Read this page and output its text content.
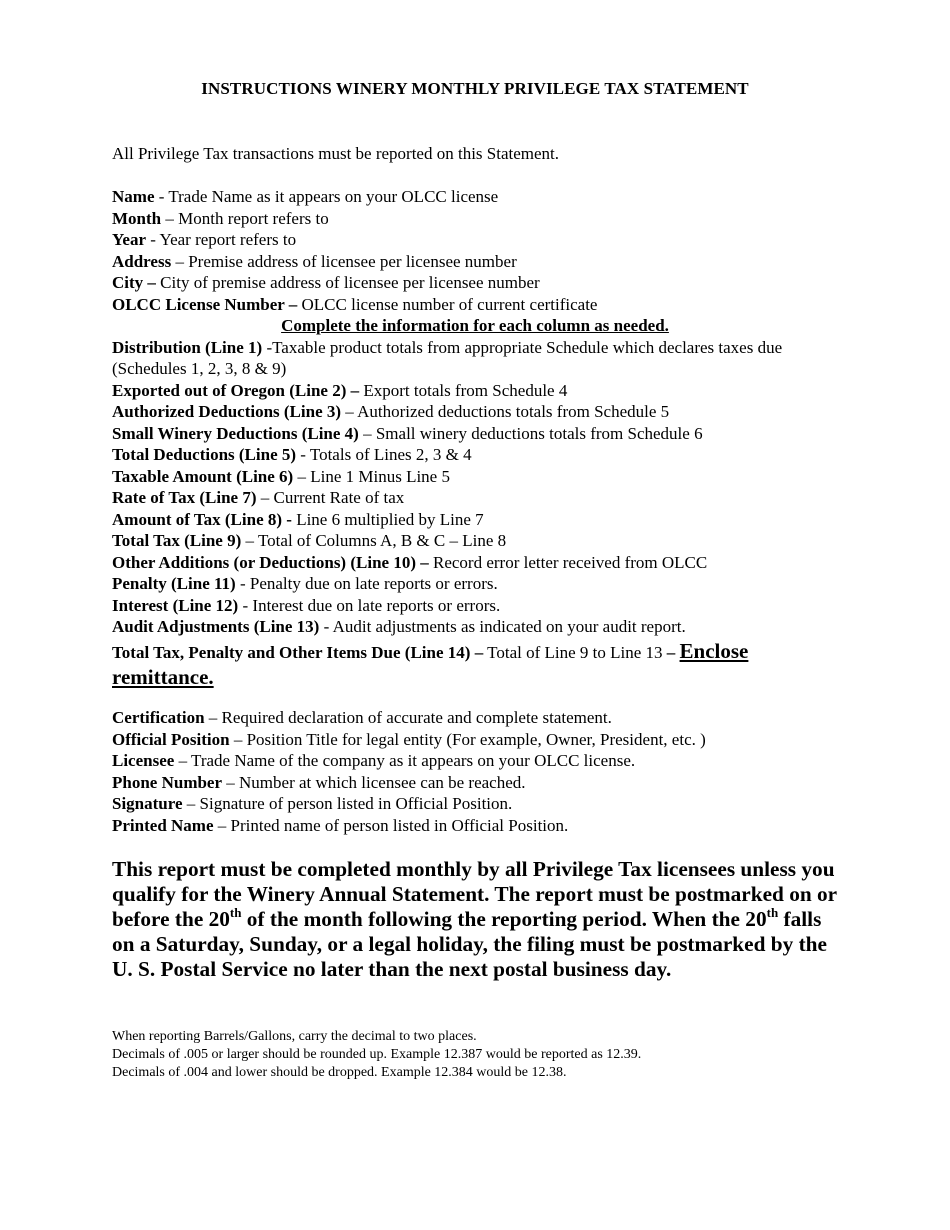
INSTRUCTIONS WINERY MONTHLY PRIVILEGE TAX STATEMENT
All Privilege Tax transactions must be reported on this Statement.
Name - Trade Name as it appears on your OLCC license
Month – Month report refers to
Year - Year report refers to
Address – Premise address of licensee per licensee number
City – City of premise address of licensee per licensee number
OLCC License Number – OLCC license number of current certificate
Complete the information for each column as needed.
Distribution (Line 1) -Taxable product totals from appropriate Schedule which declares taxes due (Schedules 1, 2, 3, 8 & 9)
Exported out of Oregon (Line 2) – Export totals from Schedule 4
Authorized Deductions (Line 3) – Authorized deductions totals from Schedule 5
Small Winery Deductions (Line 4) – Small winery deductions totals from Schedule 6
Total Deductions (Line 5) - Totals of Lines 2, 3 & 4
Taxable Amount (Line 6) – Line 1 Minus Line 5
Rate of Tax (Line 7) – Current Rate of tax
Amount of Tax (Line 8) - Line 6 multiplied by Line 7
Total Tax (Line 9) – Total of Columns A, B & C – Line 8
Other Additions (or Deductions) (Line 10) – Record error letter received from OLCC
Penalty (Line 11) - Penalty due on late reports or errors.
Interest (Line 12) - Interest due on late reports or errors.
Audit Adjustments (Line 13) - Audit adjustments as indicated on your audit report.
Total Tax, Penalty and Other Items Due (Line 14) – Total of Line 9 to Line 13 – Enclose remittance.
Certification – Required declaration of accurate and complete statement.
Official Position – Position Title for legal entity (For example, Owner, President, etc. )
Licensee – Trade Name of the company as it appears on your OLCC license.
Phone Number – Number at which licensee can be reached.
Signature – Signature of person listed in Official Position.
Printed Name – Printed name of person listed in Official Position.
This report must be completed monthly by all Privilege Tax licensees unless you qualify for the Winery Annual Statement. The report must be postmarked on or before the 20th of the month following the reporting period. When the 20th falls on a Saturday, Sunday, or a legal holiday, the filing must be postmarked by the U. S. Postal Service no later than the next postal business day.
When reporting Barrels/Gallons, carry the decimal to two places.
Decimals of .005 or larger should be rounded up. Example 12.387 would be reported as 12.39.
Decimals of .004 and lower should be dropped. Example 12.384 would be 12.38.
